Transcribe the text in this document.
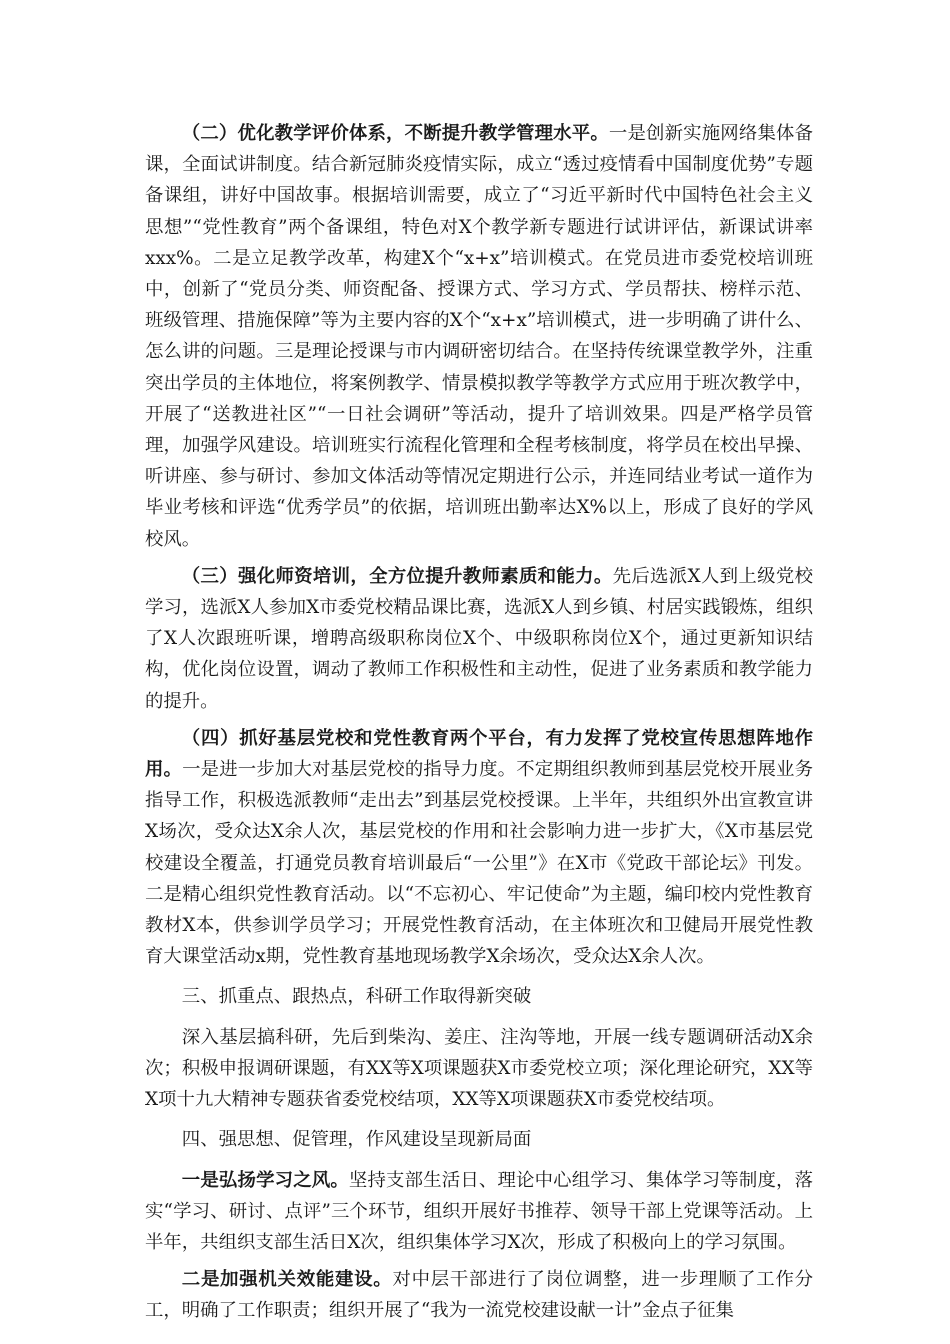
（二）优化教学评价体系，不断提升教学管理水平。一是创新实施网络集体备课，全面试讲制度。结合新冠肺炎疫情实际，成立“透过疫情看中国制度优势”专题备课组，讲好中国故事。根据培训需要，成立了“习近平新时代中国特色社会主义思想”“党性教育”两个备课组，特色对X个教学新专题进行试讲评估，新课试讲率xxx%。二是立足教学改革，构建X个“x+x”培训模式。在党员进市委党校培训班中，创新了“党员分类、师资配备、授课方式、学习方式、学员帮扶、榜样示范、班级管理、措施保障”等为主要内容的X个“x+x”培训模式，进一步明确了讲什么、怎么讲的问题。三是理论授课与市内调研密切结合。在坚持传统课堂教学外，注重突出学员的主体地位，将案例教学、情景模拟教学等教学方式应用于班次教学中，开展了“送教进社区”“一日社会调研”等活动，提升了培训效果。四是严格学员管理，加强学风建设。培训班实行流程化管理和全程考核制度，将学员在校出早操、听讲座、参与研讨、参加文体活动等情况定期进行公示，并连同结业考试一道作为毕业考核和评选“优秀学员”的依据，培训班出勤率达X%以上，形成了良好的学风校风。

（三）强化师资培训，全方位提升教师素质和能力。先后选派X人到上级党校学习，选派X人参加X市委党校精品课比赛，选派X人到乡镇、村居实践锻炼，组织了X人次跟班听课，增聘高级职称岗位X个、中级职称岗位X个，通过更新知识结构，优化岗位设置，调动了教师工作积极性和主动性，促进了业务素质和教学能力的提升。

（四）抓好基层党校和党性教育两个平台，有力发挥了党校宣传思想阵地作用。一是进一步加大对基层党校的指导力度。不定期组织教师到基层党校开展业务指导工作，积极选派教师“走出去”到基层党校授课。上半年，共组织外出宣教宣讲X场次，受众达X余人次，基层党校的作用和社会影响力进一步扩大，《X市基层党校建设全覆盖，打通党员教育培训最后“一公里”》在X市《党政干部论坛》刊发。二是精心组织党性教育活动。以“不忘初心、牢记使命”为主题，编印校内党性教育教材X本，供参训学员学习；开展党性教育活动，在主体班次和卫健局开展党性教育大课堂活动x期，党性教育基地现场教学X余场次，受众达X余人次。

三、抓重点、跟热点，科研工作取得新突破

深入基层搞科研，先后到柴沟、姜庄、注沟等地，开展一线专题调研活动X余次；积极申报调研课题，有XX等X项课题获X市委党校立项；深化理论研究，XX等X项十九大精神专题获省委党校结项，XX等X项课题获X市委党校结项。

四、强思想、促管理，作风建设呈现新局面

一是弘扬学习之风。坚持支部生活日、理论中心组学习、集体学习等制度，落实“学习、研讨、点评”三个环节，组织开展好书推荐、领导干部上党课等活动。上半年，共组织支部生活日X次，组织集体学习X次，形成了积极向上的学习氛围。

二是加强机关效能建设。对中层干部进行了岗位调整，进一步理顺了工作分工，明确了工作职责；组织开展了“我为一流党校建设献一计”金点子征集
